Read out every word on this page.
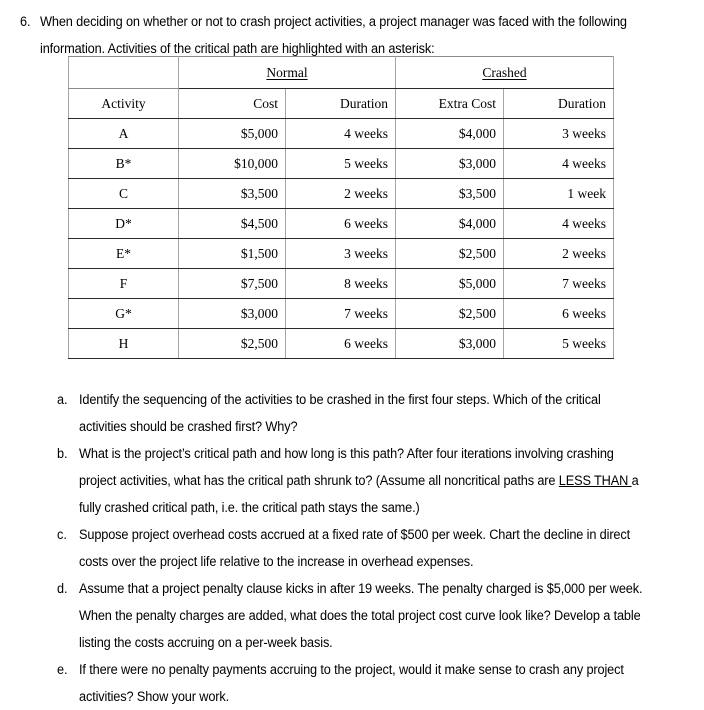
6. When deciding on whether or not to crash project activities, a project manager was faced with the following information. Activities of the critical path are highlighted with an asterisk:
	Normal		Crashed	
Activity	Cost	Duration	Extra Cost	Duration
A	$5,000	4 weeks	$4,000	3 weeks
B*	$10,000	5 weeks	$3,000	4 weeks
C	$3,500	2 weeks	$3,500	1 week
D*	$4,500	6 weeks	$4,000	4 weeks
E*	$1,500	3 weeks	$2,500	2 weeks
F	$7,500	8 weeks	$5,000	7 weeks
G*	$3,000	7 weeks	$2,500	6 weeks
H	$2,500	6 weeks	$3,000	5 weeks
a. Identify the sequencing of the activities to be crashed in the first four steps. Which of the critical activities should be crashed first? Why?
b. What is the project’s critical path and how long is this path? After four iterations involving crashing project activities, what has the critical path shrunk to? (Assume all noncritical paths are LESS THAN a fully crashed critical path, i.e. the critical path stays the same.)
c. Suppose project overhead costs accrued at a fixed rate of $500 per week. Chart the decline in direct costs over the project life relative to the increase in overhead expenses.
d. Assume that a project penalty clause kicks in after 19 weeks. The penalty charged is $5,000 per week. When the penalty charges are added, what does the total project cost curve look like? Develop a table listing the costs accruing on a per-week basis.
e. If there were no penalty payments accruing to the project, would it make sense to crash any project activities? Show your work.
